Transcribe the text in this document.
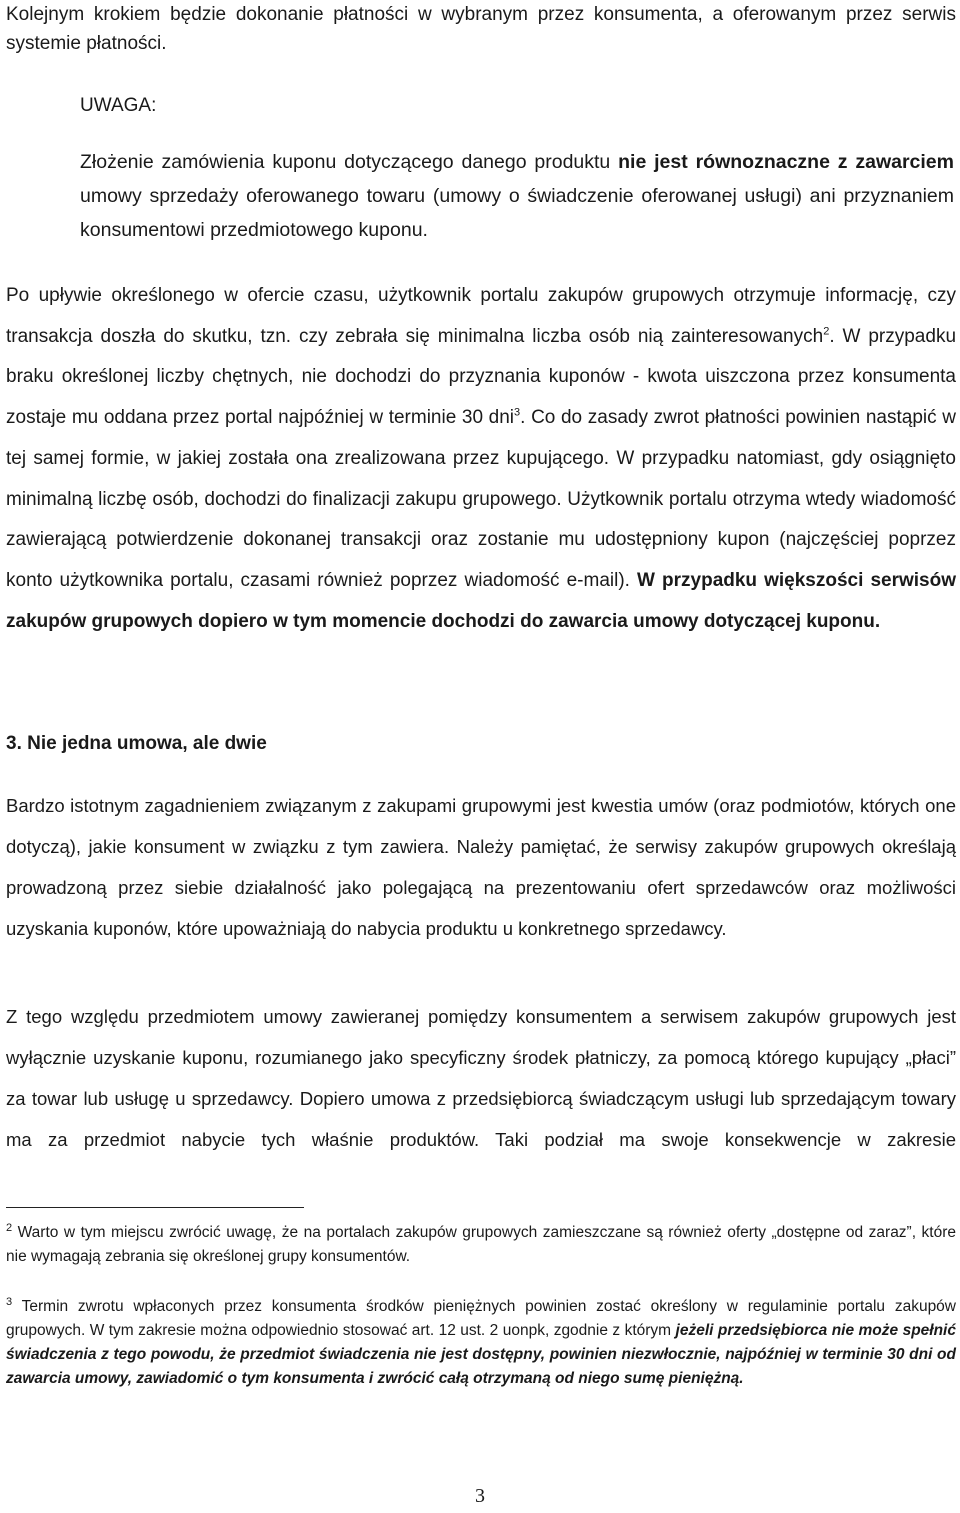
Kolejnym krokiem będzie dokonanie płatności w wybranym przez konsumenta, a oferowanym przez serwis systemie płatności.
UWAGA:
Złożenie zamówienia kuponu dotyczącego danego produktu nie jest równoznaczne z zawarciem umowy sprzedaży oferowanego towaru (umowy o świadczenie oferowanej usługi) ani przyznaniem konsumentowi przedmiotowego kuponu.
Po upływie określonego w ofercie czasu, użytkownik portalu zakupów grupowych otrzymuje informację, czy transakcja doszła do skutku, tzn. czy zebrała się minimalna liczba osób nią zainteresowanych$^2$. W przypadku braku określonej liczby chętnych, nie dochodzi do przyznania kuponów - kwota uiszczona przez konsumenta zostaje mu oddana przez portal najpóźniej w terminie 30 dni$^3$. Co do zasady zwrot płatności powinien nastąpić w tej samej formie, w jakiej została ona zrealizowana przez kupującego. W przypadku natomiast, gdy osiągnięto minimalną liczbę osób, dochodzi do finalizacji zakupu grupowego. Użytkownik portalu otrzyma wtedy wiadomość zawierającą potwierdzenie dokonanej transakcji oraz zostanie mu udostępniony kupon (najczęściej poprzez konto użytkownika portalu, czasami również poprzez wiadomość e-mail). W przypadku większości serwisów zakupów grupowych dopiero w tym momencie dochodzi do zawarcia umowy dotyczącej kuponu.
3. Nie jedna umowa, ale dwie
Bardzo istotnym zagadnieniem związanym z zakupami grupowymi jest kwestia umów (oraz podmiotów, których one dotyczą), jakie konsument w związku z tym zawiera. Należy pamiętać, że serwisy zakupów grupowych określają prowadzoną przez siebie działalność jako polegającą na prezentowaniu ofert sprzedawców oraz możliwości uzyskania kuponów, które upoważniają do nabycia produktu u konkretnego sprzedawcy.
Z tego względu przedmiotem umowy zawieranej pomiędzy konsumentem a serwisem zakupów grupowych jest wyłącznie uzyskanie kuponu, rozumianego jako specyficzny środek płatniczy, za pomocą którego kupujący „płaci” za towar lub usługę u sprzedawcy. Dopiero umowa z przedsiębiorcą świadczącym usługi lub sprzedającym towary ma za przedmiot nabycie tych właśnie produktów. Taki podział ma swoje konsekwencje w zakresie
$^2$ Warto w tym miejscu zwrócić uwagę, że na portalach zakupów grupowych zamieszczane są również oferty „dostępne od zaraz”, które nie wymagają zebrania się określonej grupy konsumentów.
$^3$ Termin zwrotu wpłaconych przez konsumenta środków pieniężnych powinien zostać określony w regulaminie portalu zakupów grupowych. W tym zakresie można odpowiednio stosować art. 12 ust. 2 uonpk, zgodnie z którym jeżeli przedsiębiorca nie może spełnić świadczenia z tego powodu, że przedmiot świadczenia nie jest dostępny, powinien niezwłocznie, najpóźniej w terminie 30 dni od zawarcia umowy, zawiadomić o tym konsumenta i zwrócić całą otrzymaną od niego sumę pieniężną.
3
